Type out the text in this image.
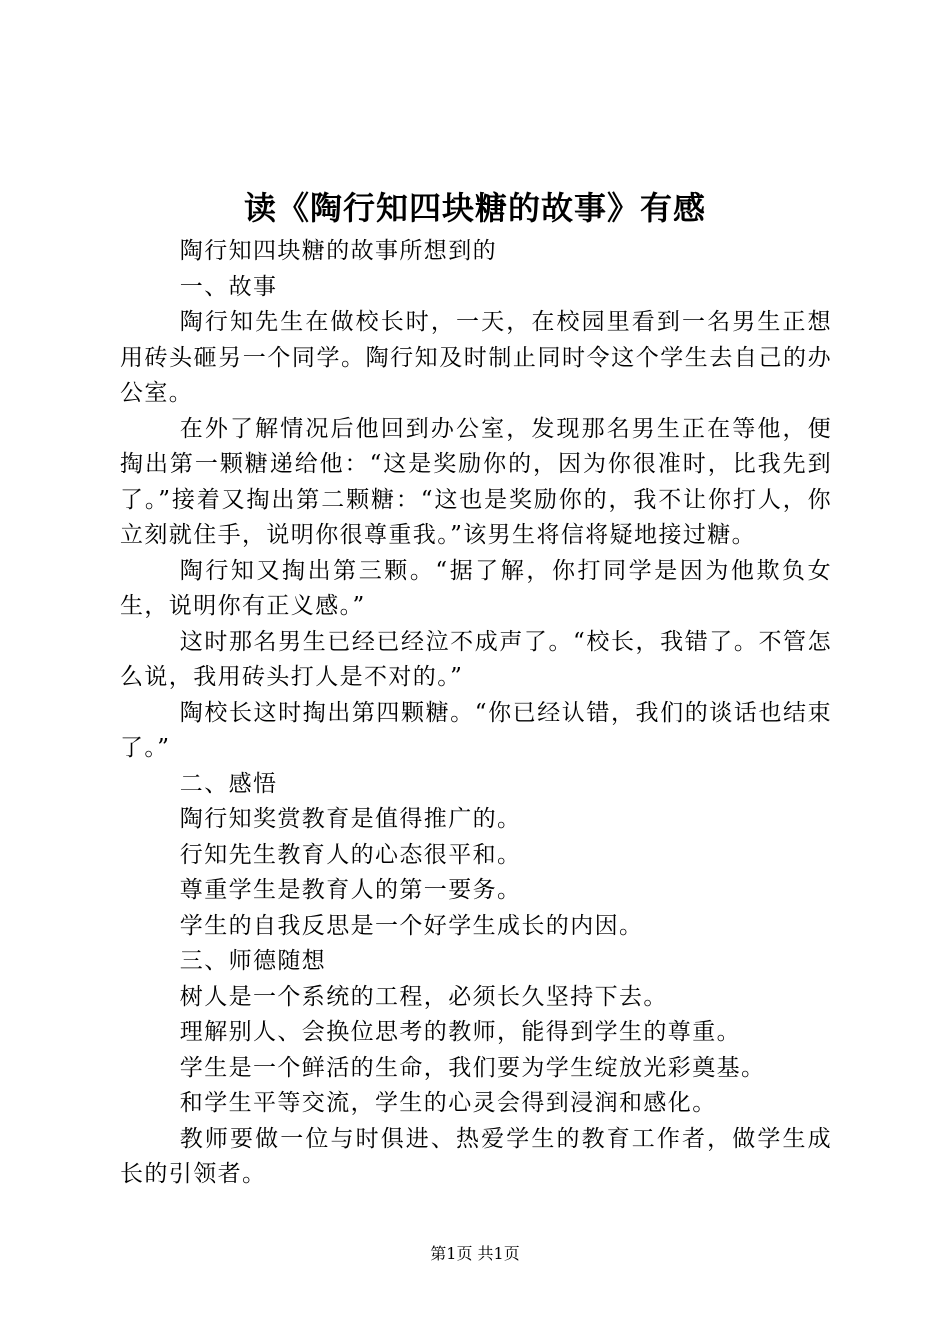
读《陶行知四块糖的故事》有感

陶行知四块糖的故事所想到的

一、故事

陶行知先生在做校长时，一天，在校园里看到一名男生正想用砖头砸另一个同学。陶行知及时制止同时令这个学生去自己的办公室。

在外了解情况后他回到办公室，发现那名男生正在等他，便掏出第一颗糖递给他：“这是奖励你的，因为你很准时，比我先到了。”接着又掏出第二颗糖：“这也是奖励你的，我不让你打人，你立刻就住手，说明你很尊重我。”该男生将信将疑地接过糖。

陶行知又掏出第三颗。“据了解，你打同学是因为他欺负女生，说明你有正义感。”

这时那名男生已经已经泣不成声了。“校长，我错了。不管怎么说，我用砖头打人是不对的。”

陶校长这时掏出第四颗糖。“你已经认错，我们的谈话也结束了。”

二、感悟

陶行知奖赏教育是值得推广的。

行知先生教育人的心态很平和。

尊重学生是教育人的第一要务。

学生的自我反思是一个好学生成长的内因。

三、师德随想

树人是一个系统的工程，必须长久坚持下去。

理解别人、会换位思考的教师，能得到学生的尊重。

学生是一个鲜活的生命，我们要为学生绽放光彩奠基。

和学生平等交流，学生的心灵会得到浸润和感化。

教师要做一位与时俱进、热爱学生的教育工作者，做学生成长的引领者。

第1页 共1页
